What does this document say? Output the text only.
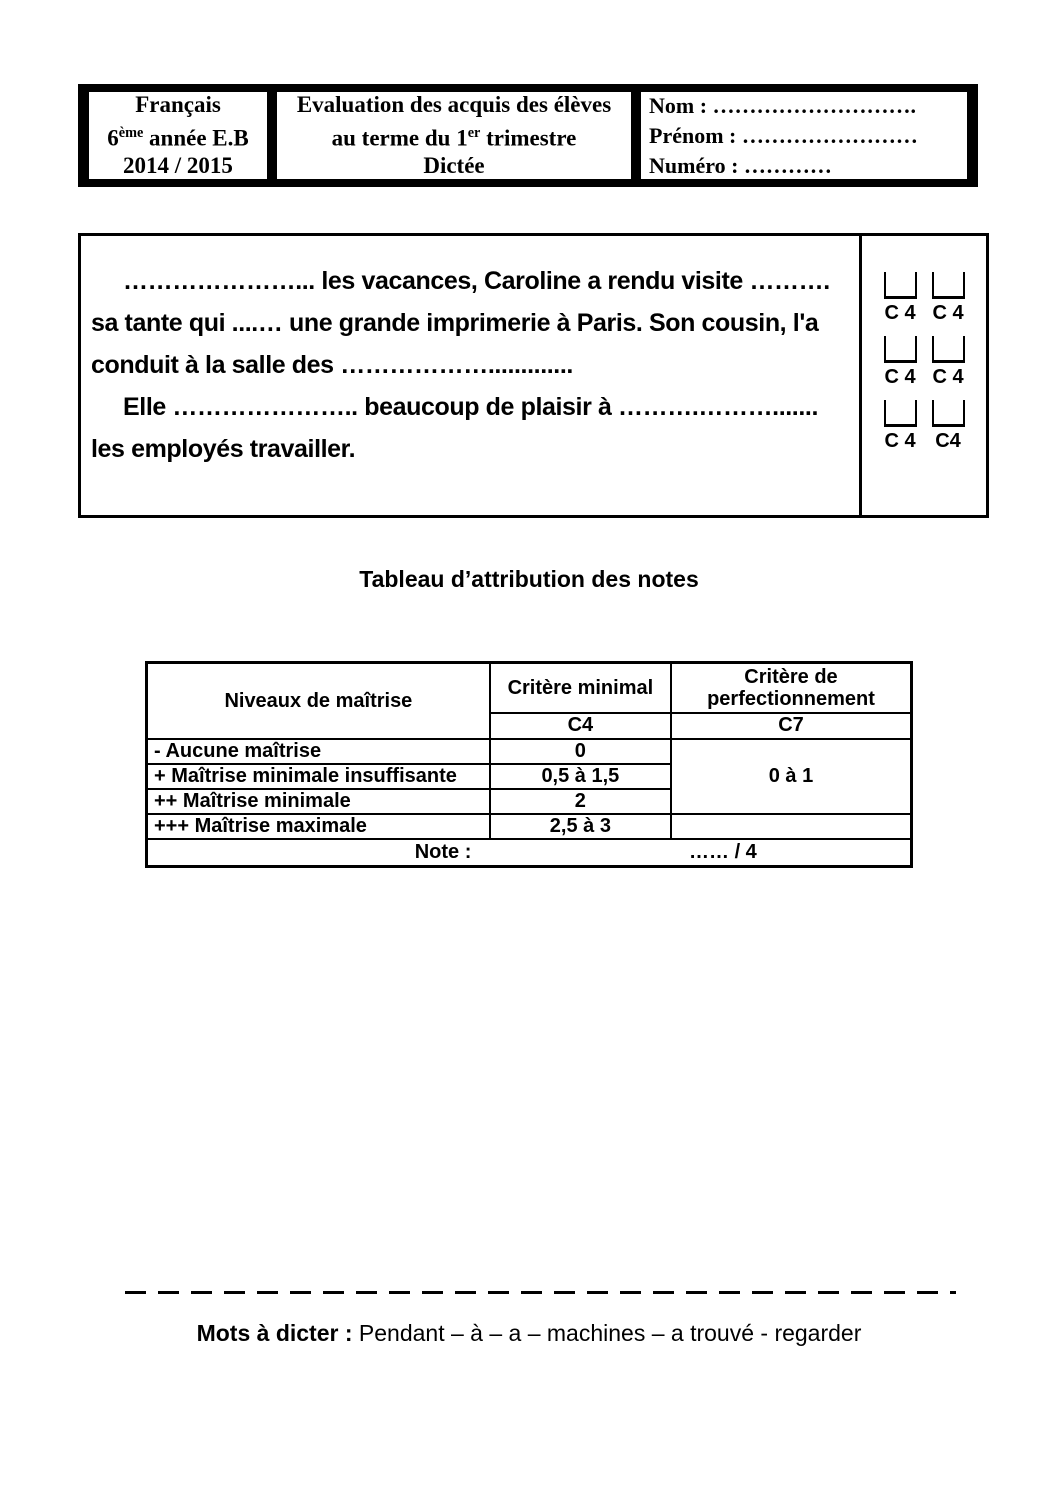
Français
6ème année E.B
2014 / 2015
Evaluation des acquis des élèves
au terme du 1er trimestre
Dictée
Nom : ……………………….
Prénom : ……………………
Numéro : …………
…………………... les vacances, Caroline a rendu visite ……….
sa tante qui ....… une grande imprimerie à Paris. Son cousin, l'a
conduit à la salle des ……………….............
Elle ………………….. beaucoup de plaisir à ……….……….......
les employés travailler.
C 4 C 4
C 4 C 4
C 4 C4
Tableau d’attribution des notes
Niveaux de maîtrise	Critère minimal	Critère de perfectionnement
	C4	C7
- Aucune maîtrise	0	0 à 1
+ Maîtrise minimale insuffisante	0,5 à 1,5	
++ Maîtrise minimale	2	
+++ Maîtrise maximale	2,5 à 3	

Note : …… / 4		
Mots à dicter : Pendant – à – a – machines – a trouvé - regarder
